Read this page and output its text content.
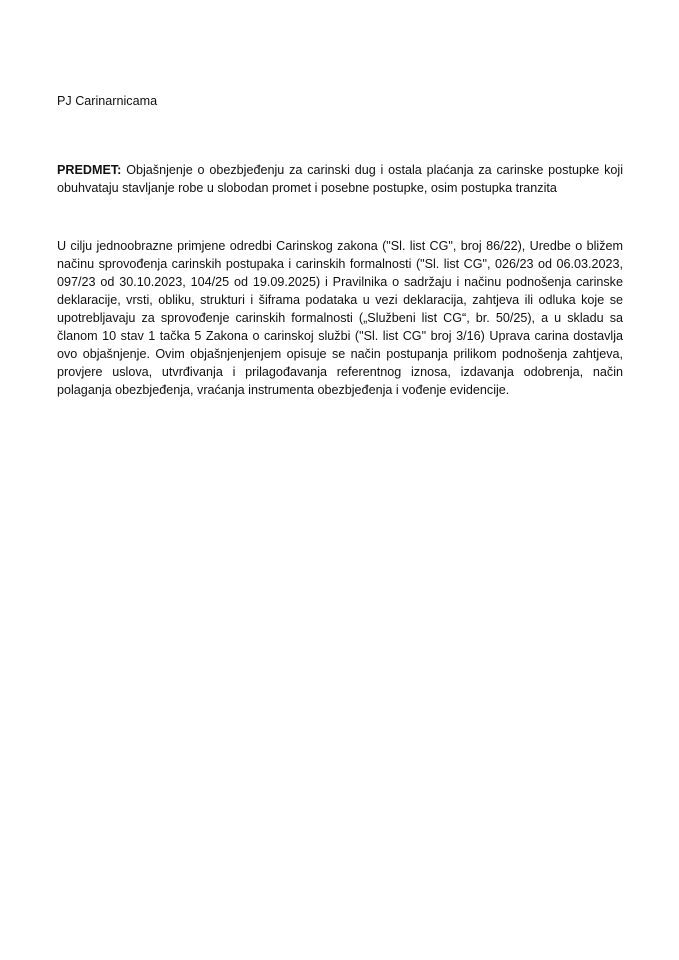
PJ Carinarnicama
PREDMET: Objašnjenje o obezbjeđenju za carinski dug i ostala plaćanja za carinske postupke koji obuhvataju stavljanje robe u slobodan promet i posebne postupke, osim postupka tranzita
U cilju jednoobrazne primjene odredbi Carinskog zakona ("Sl. list CG", broj 86/22), Uredbe o bližem načinu sprovođenja carinskih postupaka i carinskih formalnosti ("Sl. list CG", 026/23 od 06.03.2023, 097/23 od 30.10.2023, 104/25 od 19.09.2025) i Pravilnika o sadržaju i načinu podnošenja carinske deklaracije, vrsti, obliku, strukturi i šiframa podataka u vezi deklaracija, zahtjeva ili odluka koje se upotrebljavaju za sprovođenje carinskih formalnosti („Službeni list CG“, br. 50/25), a u skladu sa članom 10 stav 1 tačka 5 Zakona o carinskoj službi ("Sl. list CG" broj 3/16) Uprava carina dostavlja ovo objašnjenje. Ovim objašnjenjenjem opisuje se način postupanja prilikom podnošenja zahtjeva, provjere uslova, utvrđivanja i prilagođavanja referentnog iznosa, izdavanja odobrenja, način polaganja obezbjeđenja, vraćanja instrumenta obezbjeđenja i vođenje evidencije.
